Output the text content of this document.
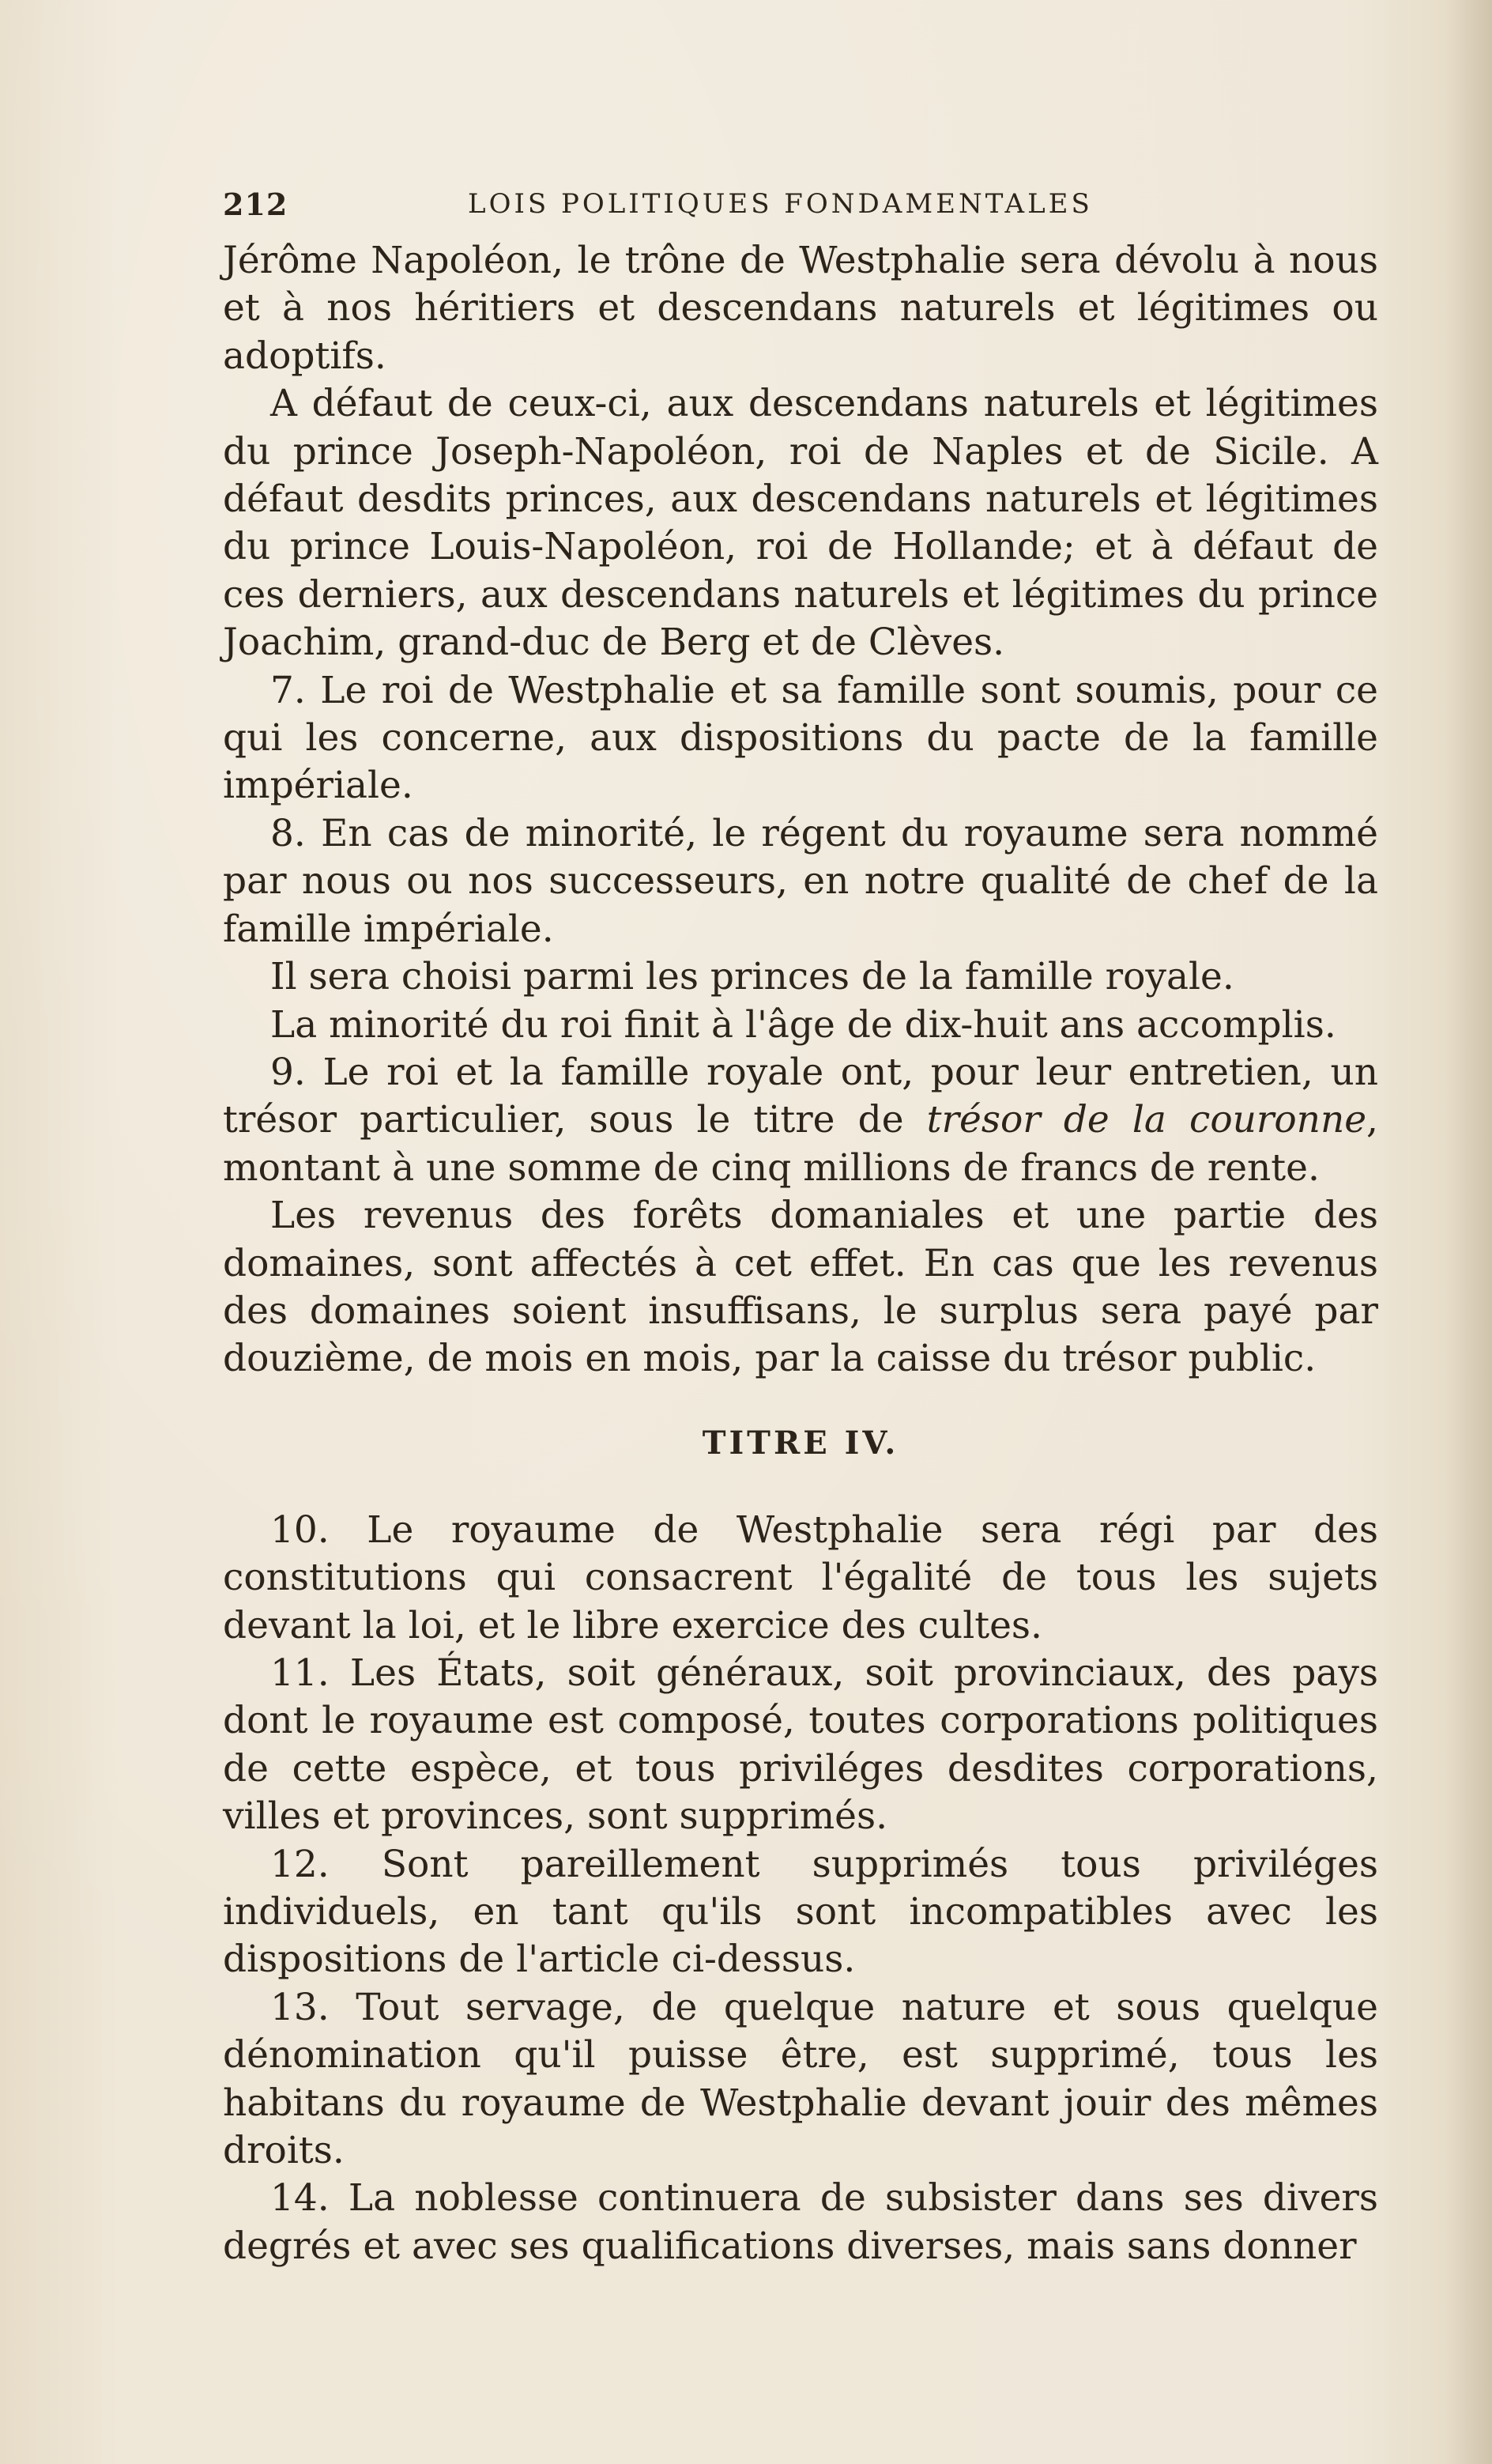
212	LOIS POLITIQUES FONDAMENTALES

Jérôme Napoléon, le trône de Westphalie sera dévolu à nous et à nos héritiers et descendans naturels et légitimes ou adoptifs.

A défaut de ceux-ci, aux descendans naturels et légitimes du prince Joseph-Napoléon, roi de Naples et de Sicile. A défaut desdits princes, aux descendans naturels et légitimes du prince Louis-Napoléon, roi de Hollande; et à défaut de ces derniers, aux descendans naturels et légitimes du prince Joachim, grand-duc de Berg et de Clèves.

7. Le roi de Westphalie et sa famille sont soumis, pour ce qui les concerne, aux dispositions du pacte de la famille impériale.

8. En cas de minorité, le régent du royaume sera nommé par nous ou nos successeurs, en notre qualité de chef de la famille impériale.

Il sera choisi parmi les princes de la famille royale.

La minorité du roi finit à l'âge de dix-huit ans accomplis.

9. Le roi et la famille royale ont, pour leur entretien, un trésor particulier, sous le titre de trésor de la couronne, montant à une somme de cinq millions de francs de rente.

Les revenus des forêts domaniales et une partie des domaines, sont affectés à cet effet. En cas que les revenus des domaines soient insuffisans, le surplus sera payé par douzième, de mois en mois, par la caisse du trésor public.

TITRE IV.

10. Le royaume de Westphalie sera régi par des constitutions qui consacrent l'égalité de tous les sujets devant la loi, et le libre exercice des cultes.

11. Les États, soit généraux, soit provinciaux, des pays dont le royaume est composé, toutes corporations politiques de cette espèce, et tous priviléges desdites corporations, villes et provinces, sont supprimés.

12. Sont pareillement supprimés tous priviléges individuels, en tant qu'ils sont incompatibles avec les dispositions de l'article ci-dessus.

13. Tout servage, de quelque nature et sous quelque dénomination qu'il puisse être, est supprimé, tous les habitans du royaume de Westphalie devant jouir des mêmes droits.

14. La noblesse continuera de subsister dans ses divers degrés et avec ses qualifications diverses, mais sans donner
